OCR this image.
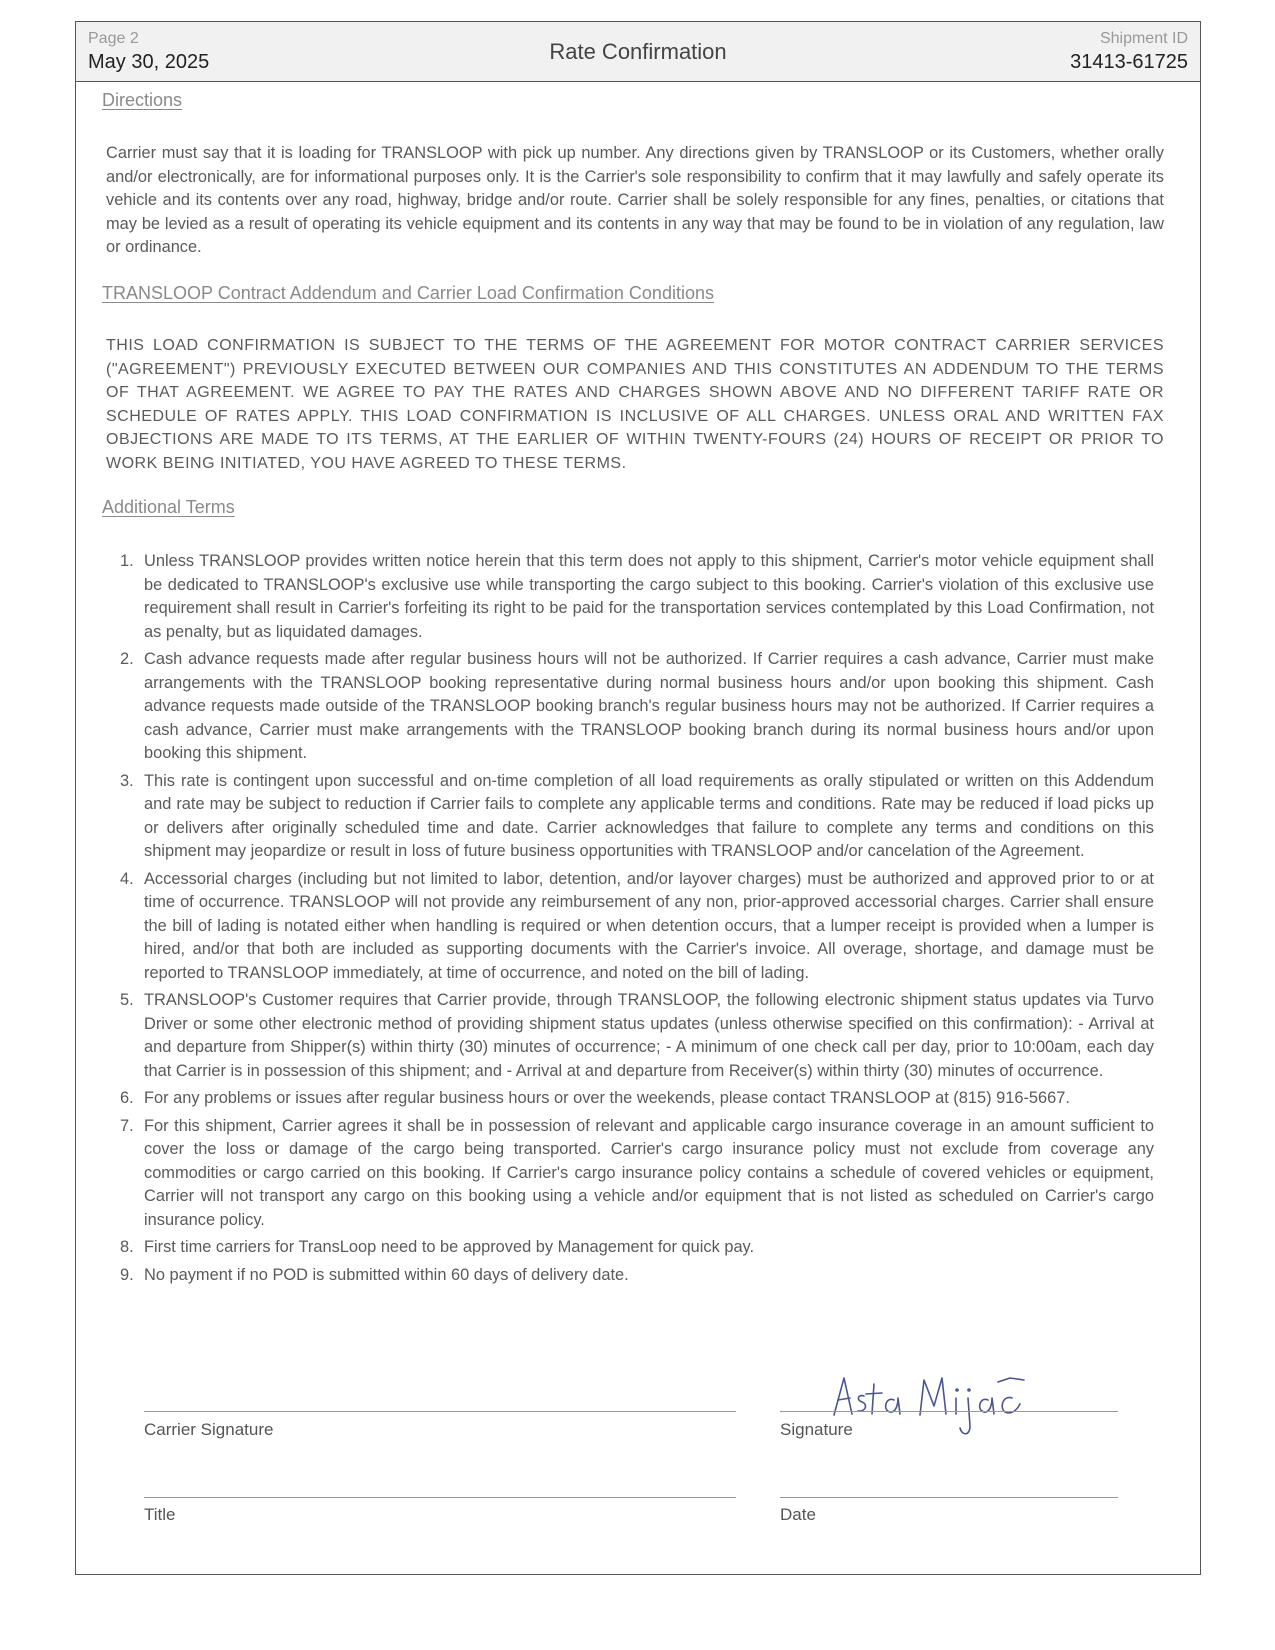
Page 2
May 30, 2025	Rate Confirmation
Shipment ID
31413-61725
Directions

Carrier must say that it is loading for TRANSLOOP with pick up number. Any directions given by TRANSLOOP or its Customers, whether orally and/or electronically, are for informational purposes only. It is the Carrier's sole responsibility to confirm that it may lawfully and safely operate its vehicle and its contents over any road, highway, bridge and/or route. Carrier shall be solely responsible for any fines, penalties, or citations that may be levied as a result of operating its vehicle equipment and its contents in any way that may be found to be in violation of any regulation, law or ordinance.

TRANSLOOP Contract Addendum and Carrier Load Confirmation Conditions

THIS LOAD CONFIRMATION IS SUBJECT TO THE TERMS OF THE AGREEMENT FOR MOTOR CONTRACT CARRIER SERVICES ("AGREEMENT") PREVIOUSLY EXECUTED BETWEEN OUR COMPANIES AND THIS CONSTITUTES AN ADDENDUM TO THE TERMS OF THAT AGREEMENT. WE AGREE TO PAY THE RATES AND CHARGES SHOWN ABOVE AND NO DIFFERENT TARIFF RATE OR SCHEDULE OF RATES APPLY. THIS LOAD CONFIRMATION IS INCLUSIVE OF ALL CHARGES. UNLESS ORAL AND WRITTEN FAX OBJECTIONS ARE MADE TO ITS TERMS, AT THE EARLIER OF WITHIN TWENTY-FOURS (24) HOURS OF RECEIPT OR PRIOR TO WORK BEING INITIATED, YOU HAVE AGREED TO THESE TERMS.

Additional Terms
1. Unless TRANSLOOP provides written notice herein that this term does not apply to this shipment, Carrier's motor vehicle equipment shall be dedicated to TRANSLOOP's exclusive use while transporting the cargo subject to this booking. Carrier's violation of this exclusive use requirement shall result in Carrier's forfeiting its right to be paid for the transportation services contemplated by this Load Confirmation, not as penalty, but as liquidated damages.
2. Cash advance requests made after regular business hours will not be authorized. If Carrier requires a cash advance, Carrier must make arrangements with the TRANSLOOP booking representative during normal business hours and/or upon booking this shipment. Cash advance requests made outside of the TRANSLOOP booking branch's regular business hours may not be authorized. If Carrier requires a cash advance, Carrier must make arrangements with the TRANSLOOP booking branch during its normal business hours and/or upon booking this shipment.
3. This rate is contingent upon successful and on-time completion of all load requirements as orally stipulated or written on this Addendum and rate may be subject to reduction if Carrier fails to complete any applicable terms and conditions. Rate may be reduced if load picks up or delivers after originally scheduled time and date. Carrier acknowledges that failure to complete any terms and conditions on this shipment may jeopardize or result in loss of future business opportunities with TRANSLOOP and/or cancelation of the Agreement.
4. Accessorial charges (including but not limited to labor, detention, and/or layover charges) must be authorized and approved prior to or at time of occurrence. TRANSLOOP will not provide any reimbursement of any non, prior-approved accessorial charges. Carrier shall ensure the bill of lading is notated either when handling is required or when detention occurs, that a lumper receipt is provided when a lumper is hired, and/or that both are included as supporting documents with the Carrier's invoice. All overage, shortage, and damage must be reported to TRANSLOOP immediately, at time of occurrence, and noted on the bill of lading.
5. TRANSLOOP's Customer requires that Carrier provide, through TRANSLOOP, the following electronic shipment status updates via Turvo Driver or some other electronic method of providing shipment status updates (unless otherwise specified on this confirmation): - Arrival at and departure from Shipper(s) within thirty (30) minutes of occurrence; - A minimum of one check call per day, prior to 10:00am, each day that Carrier is in possession of this shipment; and - Arrival at and departure from Receiver(s) within thirty (30) minutes of occurrence.
6. For any problems or issues after regular business hours or over the weekends, please contact TRANSLOOP at (815) 916-5667.
7. For this shipment, Carrier agrees it shall be in possession of relevant and applicable cargo insurance coverage in an amount sufficient to cover the loss or damage of the cargo being transported. Carrier's cargo insurance policy must not exclude from coverage any commodities or cargo carried on this booking. If Carrier's cargo insurance policy contains a schedule of covered vehicles or equipment, Carrier will not transport any cargo on this booking using a vehicle and/or equipment that is not listed as scheduled on Carrier's cargo insurance policy.
8. First time carriers for TransLoop need to be approved by Management for quick pay.
9. No payment if no POD is submitted within 60 days of delivery date.
Carrier Signature	Signature
Title	Date
